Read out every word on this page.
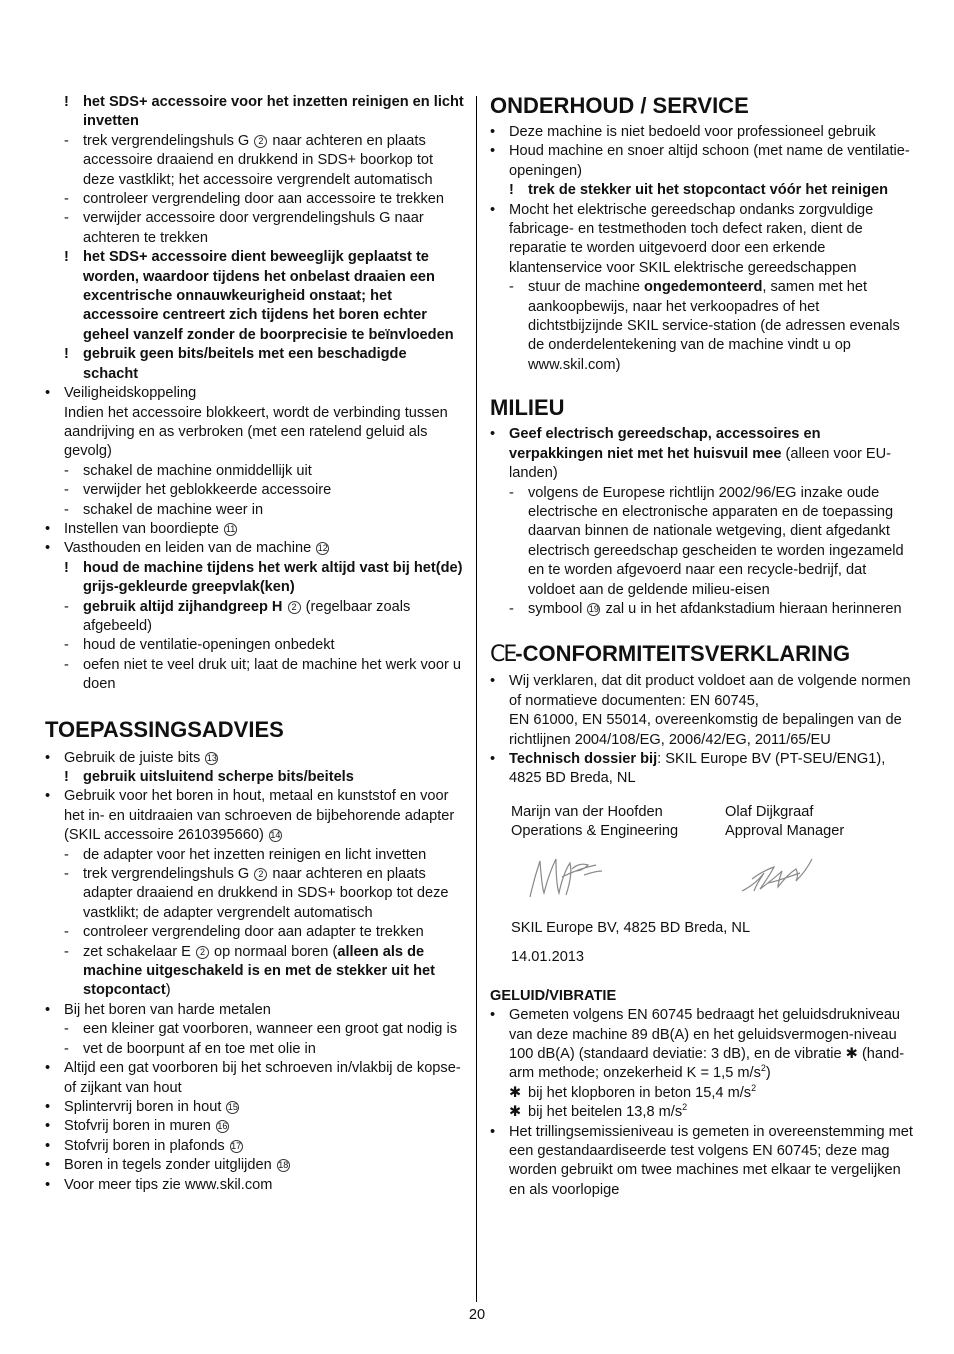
! het SDS+ accessoire voor het inzetten reinigen en licht invetten
- trek vergrendelingshuls G 2 naar achteren en plaats accessoire draaiend en drukkend in SDS+ boorkop tot deze vastklikt; het accessoire vergrendelt automatisch
- controleer vergrendeling door aan accessoire te trekken
- verwijder accessoire door vergrendelingshuls G naar achteren te trekken
! het SDS+ accessoire dient beweeglijk geplaatst te worden, waardoor tijdens het onbelast draaien een excentrische onnauwkeurigheid onstaat; het accessoire centreert zich tijdens het boren echter geheel vanzelf zonder de boorprecisie te beïnvloeden
! gebruik geen bits/beitels met een beschadigde schacht
• Veiligheidskoppeling
Indien het accessoire blokkeert, wordt de verbinding tussen aandrijving en as verbroken (met een ratelend geluid als gevolg)
- schakel de machine onmiddellijk uit
- verwijder het geblokkeerde accessoire
- schakel de machine weer in
• Instellen van boordiepte 11
• Vasthouden en leiden van de machine 12
! houd de machine tijdens het werk altijd vast bij het(de) grijs-gekleurde greepvlak(ken)
- gebruik altijd zijhandgreep H 2 (regelbaar zoals afgebeeld)
- houd de ventilatie-openingen onbedekt
- oefen niet te veel druk uit; laat de machine het werk voor u doen
TOEPASSINGSADVIES
• Gebruik de juiste bits 13
! gebruik uitsluitend scherpe bits/beitels
• Gebruik voor het boren in hout, metaal en kunststof en voor het in- en uitdraaien van schroeven de bijbehorende adapter (SKIL accessoire 2610395660) 14
- de adapter voor het inzetten reinigen en licht invetten
- trek vergrendelingshuls G 2 naar achteren en plaats adapter draaiend en drukkend in SDS+ boorkop tot deze vastklikt; de adapter vergrendelt automatisch
- controleer vergrendeling door aan adapter te trekken
- zet schakelaar E 2 op normaal boren (alleen als de machine uitgeschakeld is en met de stekker uit het stopcontact)
• Bij het boren van harde metalen
- een kleiner gat voorboren, wanneer een groot gat nodig is
- vet de boorpunt af en toe met olie in
• Altijd een gat voorboren bij het schroeven in/vlakbij de kopse- of zijkant van hout
• Splintervrij boren in hout 15
• Stofvrij boren in muren 16
• Stofvrij boren in plafonds 17
• Boren in tegels zonder uitglijden 18
• Voor meer tips zie www.skil.com
ONDERHOUD / SERVICE
• Deze machine is niet bedoeld voor professioneel gebruik
• Houd machine en snoer altijd schoon (met name de ventilatie-openingen)
! trek de stekker uit het stopcontact vóór het reinigen
• Mocht het elektrische gereedschap ondanks zorgvuldige fabricage- en testmethoden toch defect raken, dient de reparatie te worden uitgevoerd door een erkende klantenservice voor SKIL elektrische gereedschappen
- stuur de machine ongedemonteerd, samen met het aankoopbewijs, naar het verkoopadres of het dichtstbijzijnde SKIL service-station (de adressen evenals de onderdelentekening van de machine vindt u op www.skil.com)
MILIEU
• Geef electrisch gereedschap, accessoires en verpakkingen niet met het huisvuil mee (alleen voor EU-landen)
- volgens de Europese richtlijn 2002/96/EG inzake oude electrische en electronische apparaten en de toepassing daarvan binnen de nationale wetgeving, dient afgedankt electrisch gereedschap gescheiden te worden ingezameld en te worden afgevoerd naar een recycle-bedrijf, dat voldoet aan de geldende milieu-eisen
- symbool 19 zal u in het afdankstadium hieraan herinneren
CE-CONFORMITEITSVERKLARING
• Wij verklaren, dat dit product voldoet aan de volgende normen of normatieve documenten: EN 60745,
EN 61000, EN 55014, overeenkomstig de bepalingen van de richtlijnen 2004/108/EG, 2006/42/EG, 2011/65/EU
• Technisch dossier bij: SKIL Europe BV (PT-SEU/ENG1), 4825 BD Breda, NL
Marijn van der Hoofden
Operations & Engineering
Olaf Dijkgraaf
Approval Manager
SKIL Europe BV, 4825 BD Breda, NL
14.01.2013
GELUID/VIBRATIE
• Gemeten volgens EN 60745 bedraagt het geluidsdrukniveau van deze machine 89 dB(A) en het geluidsvermogen-niveau 100 dB(A) (standaard deviatie: 3 dB), en de vibratie ✱ (hand-arm methode; onzekerheid K = 1,5 $m/s^2$)
✱ bij het klopboren in beton 15,4 $m/s^2$
✱ bij het beitelen 13,8 $m/s^2$
• Het trillingsemissieniveau is gemeten in overeenstemming met een gestandaardiseerde test volgens EN 60745; deze mag worden gebruikt om twee machines met elkaar te vergelijken en als voorlopige
20
